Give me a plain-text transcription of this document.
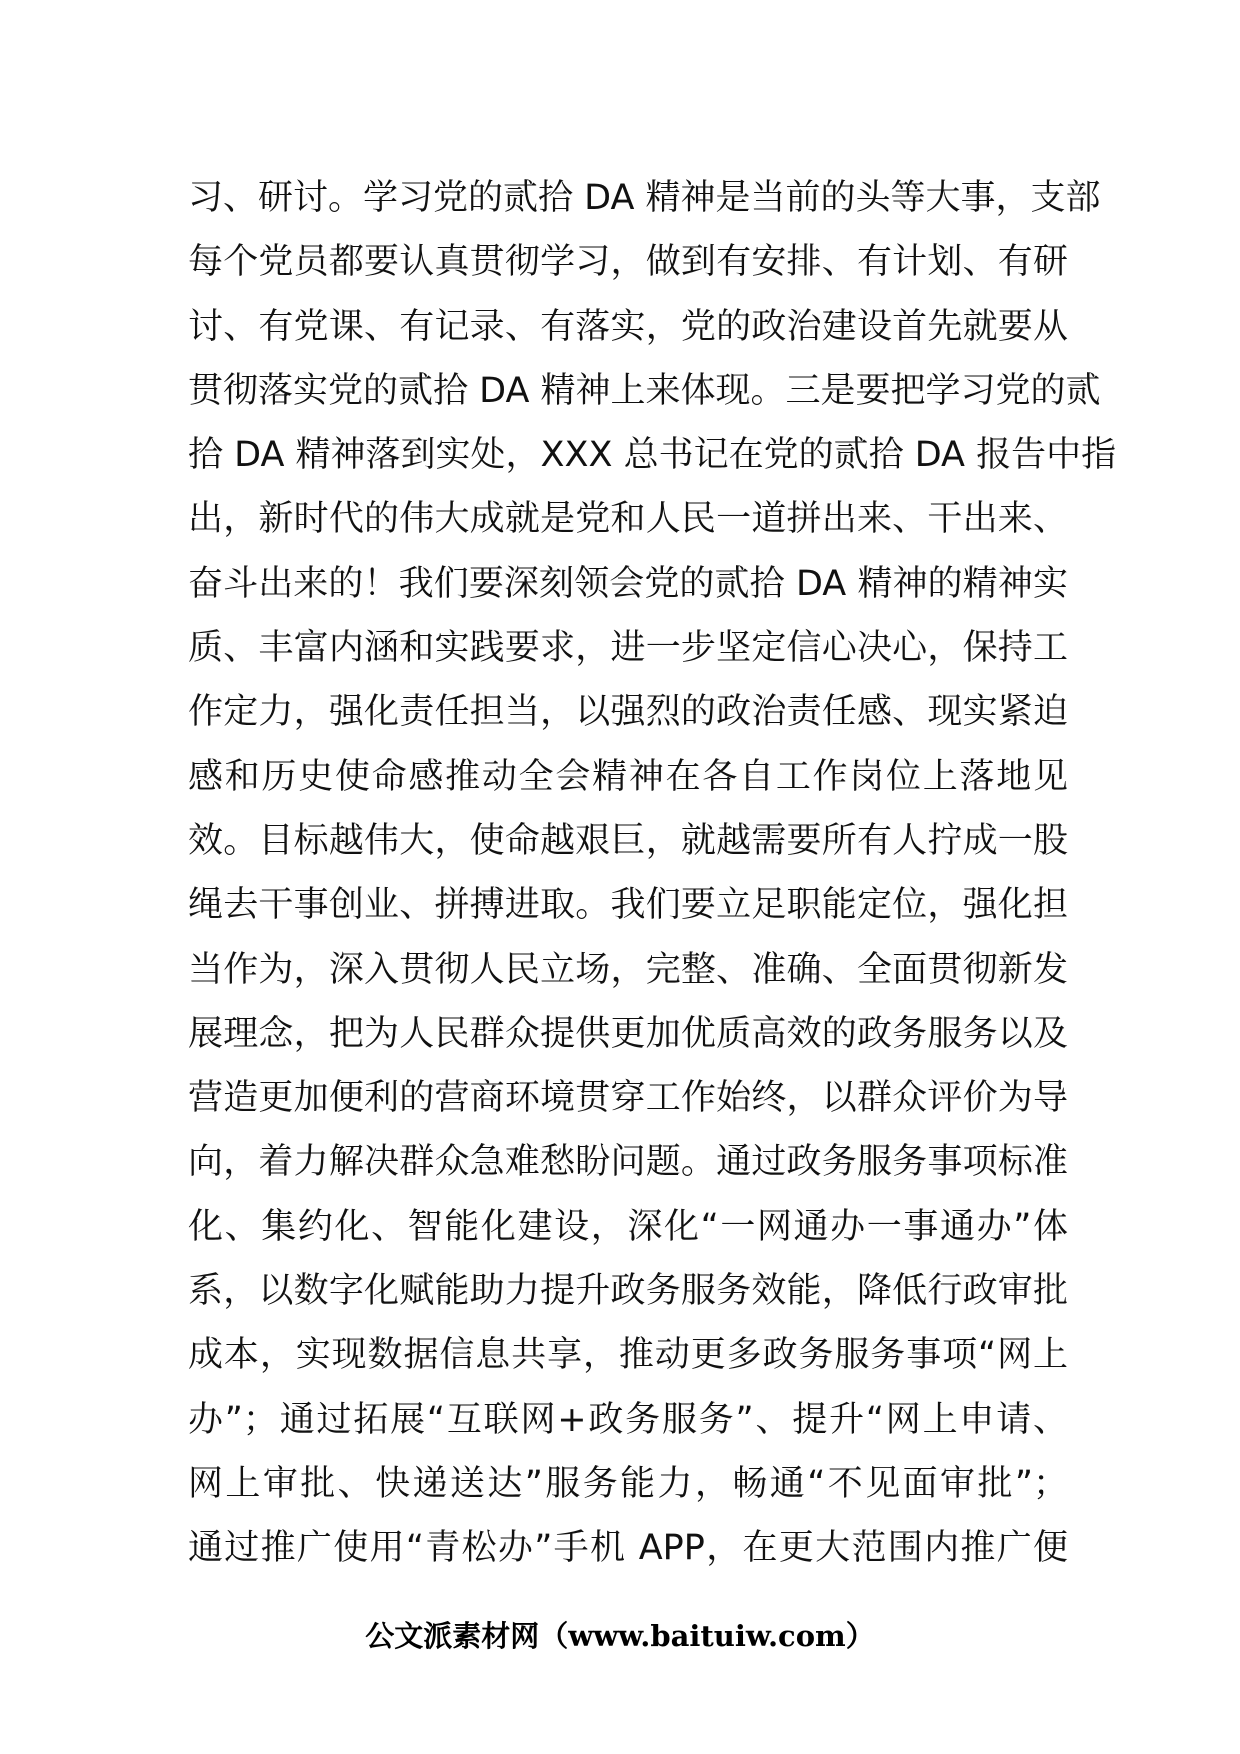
习、研讨。学习党的贰拾 DA 精神是当前的头等大事，支部
每个党员都要认真贯彻学习，做到有安排、有计划、有研
讨、有党课、有记录、有落实，党的政治建设首先就要从
贯彻落实党的贰拾 DA 精神上来体现。三是要把学习党的贰
拾 DA 精神落到实处，XXX 总书记在党的贰拾 DA 报告中指
出，新时代的伟大成就是党和人民一道拼出来、干出来、
奋斗出来的！我们要深刻领会党的贰拾 DA 精神的精神实
质、丰富内涵和实践要求，进一步坚定信心决心，保持工
作定力，强化责任担当，以强烈的政治责任感、现实紧迫
感和历史使命感推动全会精神在各自工作岗位上落地见
效。目标越伟大，使命越艰巨，就越需要所有人拧成一股
绳去干事创业、拼搏进取。我们要立足职能定位，强化担
当作为，深入贯彻人民立场，完整、准确、全面贯彻新发
展理念，把为人民群众提供更加优质高效的政务服务以及
营造更加便利的营商环境贯穿工作始终，以群众评价为导
向，着力解决群众急难愁盼问题。通过政务服务事项标准
化、集约化、智能化建设，深化“一网通办一事通办”体
系，以数字化赋能助力提升政务服务效能，降低行政审批
成本，实现数据信息共享，推动更多政务服务事项“网上
办”；通过拓展“互联网+政务服务”、提升“网上申请、
网上审批、快递送达”服务能力，畅通“不见面审批”；
通过推广使用“青松办”手机 APP，在更大范围内推广便
公文派素材网（www.baituiw.com）
